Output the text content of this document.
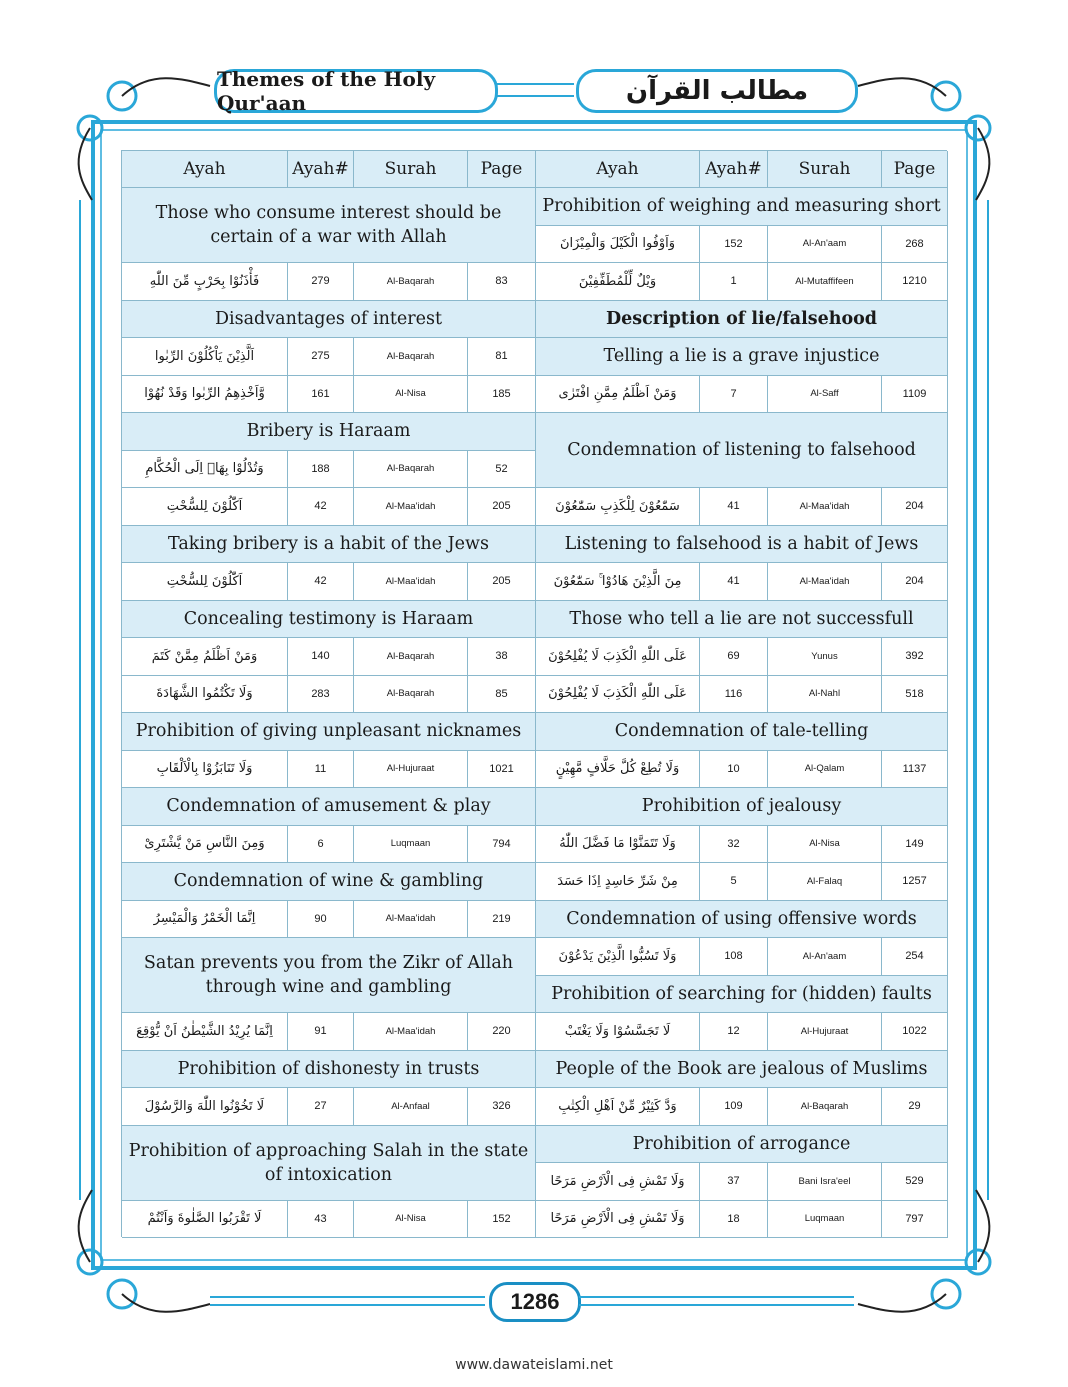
Themes of the Holy Qur'aan	مطالب القرآن
Ayah	Ayah#	Surah	Page	Ayah	Ayah#	Surah	Page
Those who consume interest should be certain of a war with Allah
فَأْذَنُوْا بِحَرْبٍ مِّنَ اللّٰهِ	279	Al-Baqarah	83
Disadvantages of interest
اَلَّذِیْنَ یَاْكُلُوْنَ الرِّبٰوا	275	Al-Baqarah	81
وَّاَخْذِهِمُ الرِّبٰوا وَقَدْ نُهُوْا	161	Al-Nisa	185
Bribery is Haraam
وَتُدْلُوْا بِهَاۤ اِلَى الْحُكَّامِ	188	Al-Baqarah	52
اَكّٰلُوْنَ لِلسُّحْتِ	42	Al-Maa'idah	205
Taking bribery is a habit of the Jews
اَكّٰلُوْنَ لِلسُّحْتِ	42	Al-Maa'idah	205
Concealing testimony is Haraam
وَمَنْ اَظْلَمُ مِمَّنْ كَتَمَ	140	Al-Baqarah	38
وَلَا تَكْتُمُوا الشَّهَادَةَ	283	Al-Baqarah	85
Prohibition of giving unpleasant nicknames
وَلَا تَنَابَزُوْا بِالْاَلْقَابِ	11	Al-Hujuraat	1021
Condemnation of amusement & play
وَمِنَ النَّاسِ مَنْ یَّشْتَرِیْ	6	Luqmaan	794
Condemnation of wine & gambling
اِنَّمَا الْخَمْرُ وَالْمَیْسِرُ	90	Al-Maa'idah	219
Satan prevents you from the Zikr of Allah through wine and gambling
اِنَّمَا یُرِیْدُ الشَّیْطٰنُ اَنْ یُّوْقِعَ	91	Al-Maa'idah	220
Prohibition of dishonesty in trusts
لَا تَخُوْنُوا اللّٰهَ وَالرَّسُوْلَ	27	Al-Anfaal	326
Prohibition of approaching Salah in the state of intoxication
لَا تَقْرَبُوا الصَّلٰوةَ وَاَنْتُمْ	43	Al-Nisa	152
Prohibition of weighing and measuring short
وَاَوْفُوا الْكَیْلَ وَالْمِیْزَانَ	152	Al-An'aam	268
وَیْلٌ لِّلْمُطَفِّفِیْنَ	1	Al-Mutaffifeen	1210
Description of lie/falsehood
Telling a lie is a grave injustice
وَمَنْ اَظْلَمُ مِمَّنِ افْتَرٰى	7	Al-Saff	1109
Condemnation of listening to falsehood
سَمّٰعُوْنَ لِلْكَذِبِ سَمّٰعُوْنَ	41	Al-Maa'idah	204
Listening to falsehood is a habit of Jews
مِنَ الَّذِیْنَ هَادُوْا ۚۛ سَمّٰعُوْنَ	41	Al-Maa'idah	204
Those who tell a lie are not successfull
عَلَى اللّٰهِ الْكَذِبَ لَا یُفْلِحُوْنَ	69	Yunus	392
عَلَى اللّٰهِ الْكَذِبَ لَا یُفْلِحُوْنَ	116	Al-Nahl	518
Condemnation of tale-telling
وَلَا تُطِعْ كُلَّ حَلَّافٍ مَّهِیْنٍ	10	Al-Qalam	1137
Prohibition of jealousy
وَلَا تَتَمَنَّوْا مَا فَضَّلَ اللّٰهُ	32	Al-Nisa	149
مِنْ شَرِّ حَاسِدٍ اِذَا حَسَدَ	5	Al-Falaq	1257
Condemnation of using offensive words
وَلَا تَسُبُّوا الَّذِیْنَ یَدْعُوْنَ	108	Al-An'aam	254
Prohibition of searching for (hidden) faults
لَا تَجَسَّسُوْا وَلَا یَغْتَبْ	12	Al-Hujuraat	1022
People of the Book are jealous of Muslims
وَدَّ كَثِیْرٌ مِّنْ اَهْلِ الْكِتٰبِ	109	Al-Baqarah	29
Prohibition of arrogance
وَلَا تَمْشِ فِی الْاَرْضِ مَرَحًا	37	Bani Isra'eel	529
وَلَا تَمْشِ فِی الْاَرْضِ مَرَحًا	18	Luqmaan	797
1286
www.dawateislami.net
